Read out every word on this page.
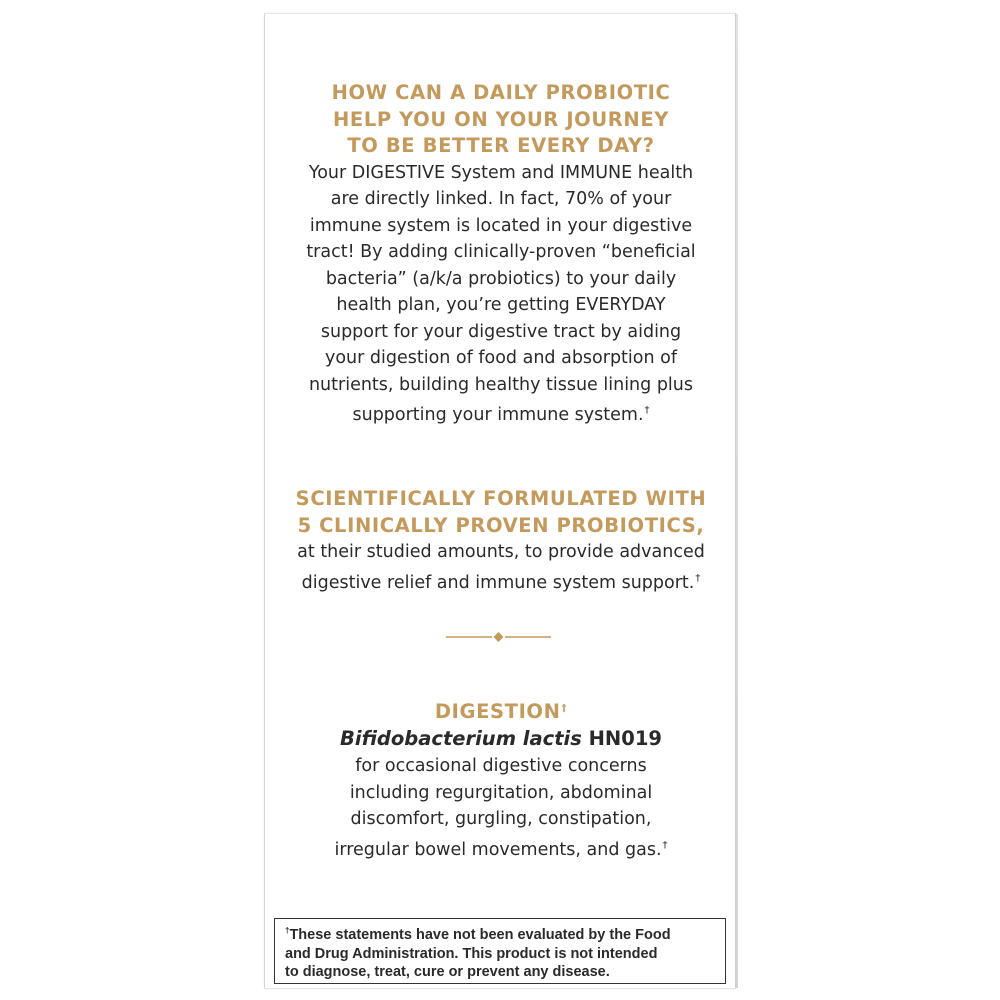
HOW CAN A DAILY PROBIOTIC
HELP YOU ON YOUR JOURNEY
TO BE BETTER EVERY DAY?
Your DIGESTIVE System and IMMUNE health
are directly linked. In fact, 70% of your
immune system is located in your digestive
tract! By adding clinically-proven “beneficial
bacteria” (a/k/a probiotics) to your daily
health plan, you’re getting EVERYDAY
support for your digestive tract by aiding
your digestion of food and absorption of
nutrients, building healthy tissue lining plus
supporting your immune system.†
SCIENTIFICALLY FORMULATED WITH
5 CLINICALLY PROVEN PROBIOTICS,
at their studied amounts, to provide advanced
digestive relief and immune system support.†
DIGESTION†
Bifidobacterium lactis HN019
for occasional digestive concerns
including regurgitation, abdominal
discomfort, gurgling, constipation,
irregular bowel movements, and gas.†
†These statements have not been evaluated by the Food
and Drug Administration. This product is not intended
to diagnose, treat, cure or prevent any disease.
